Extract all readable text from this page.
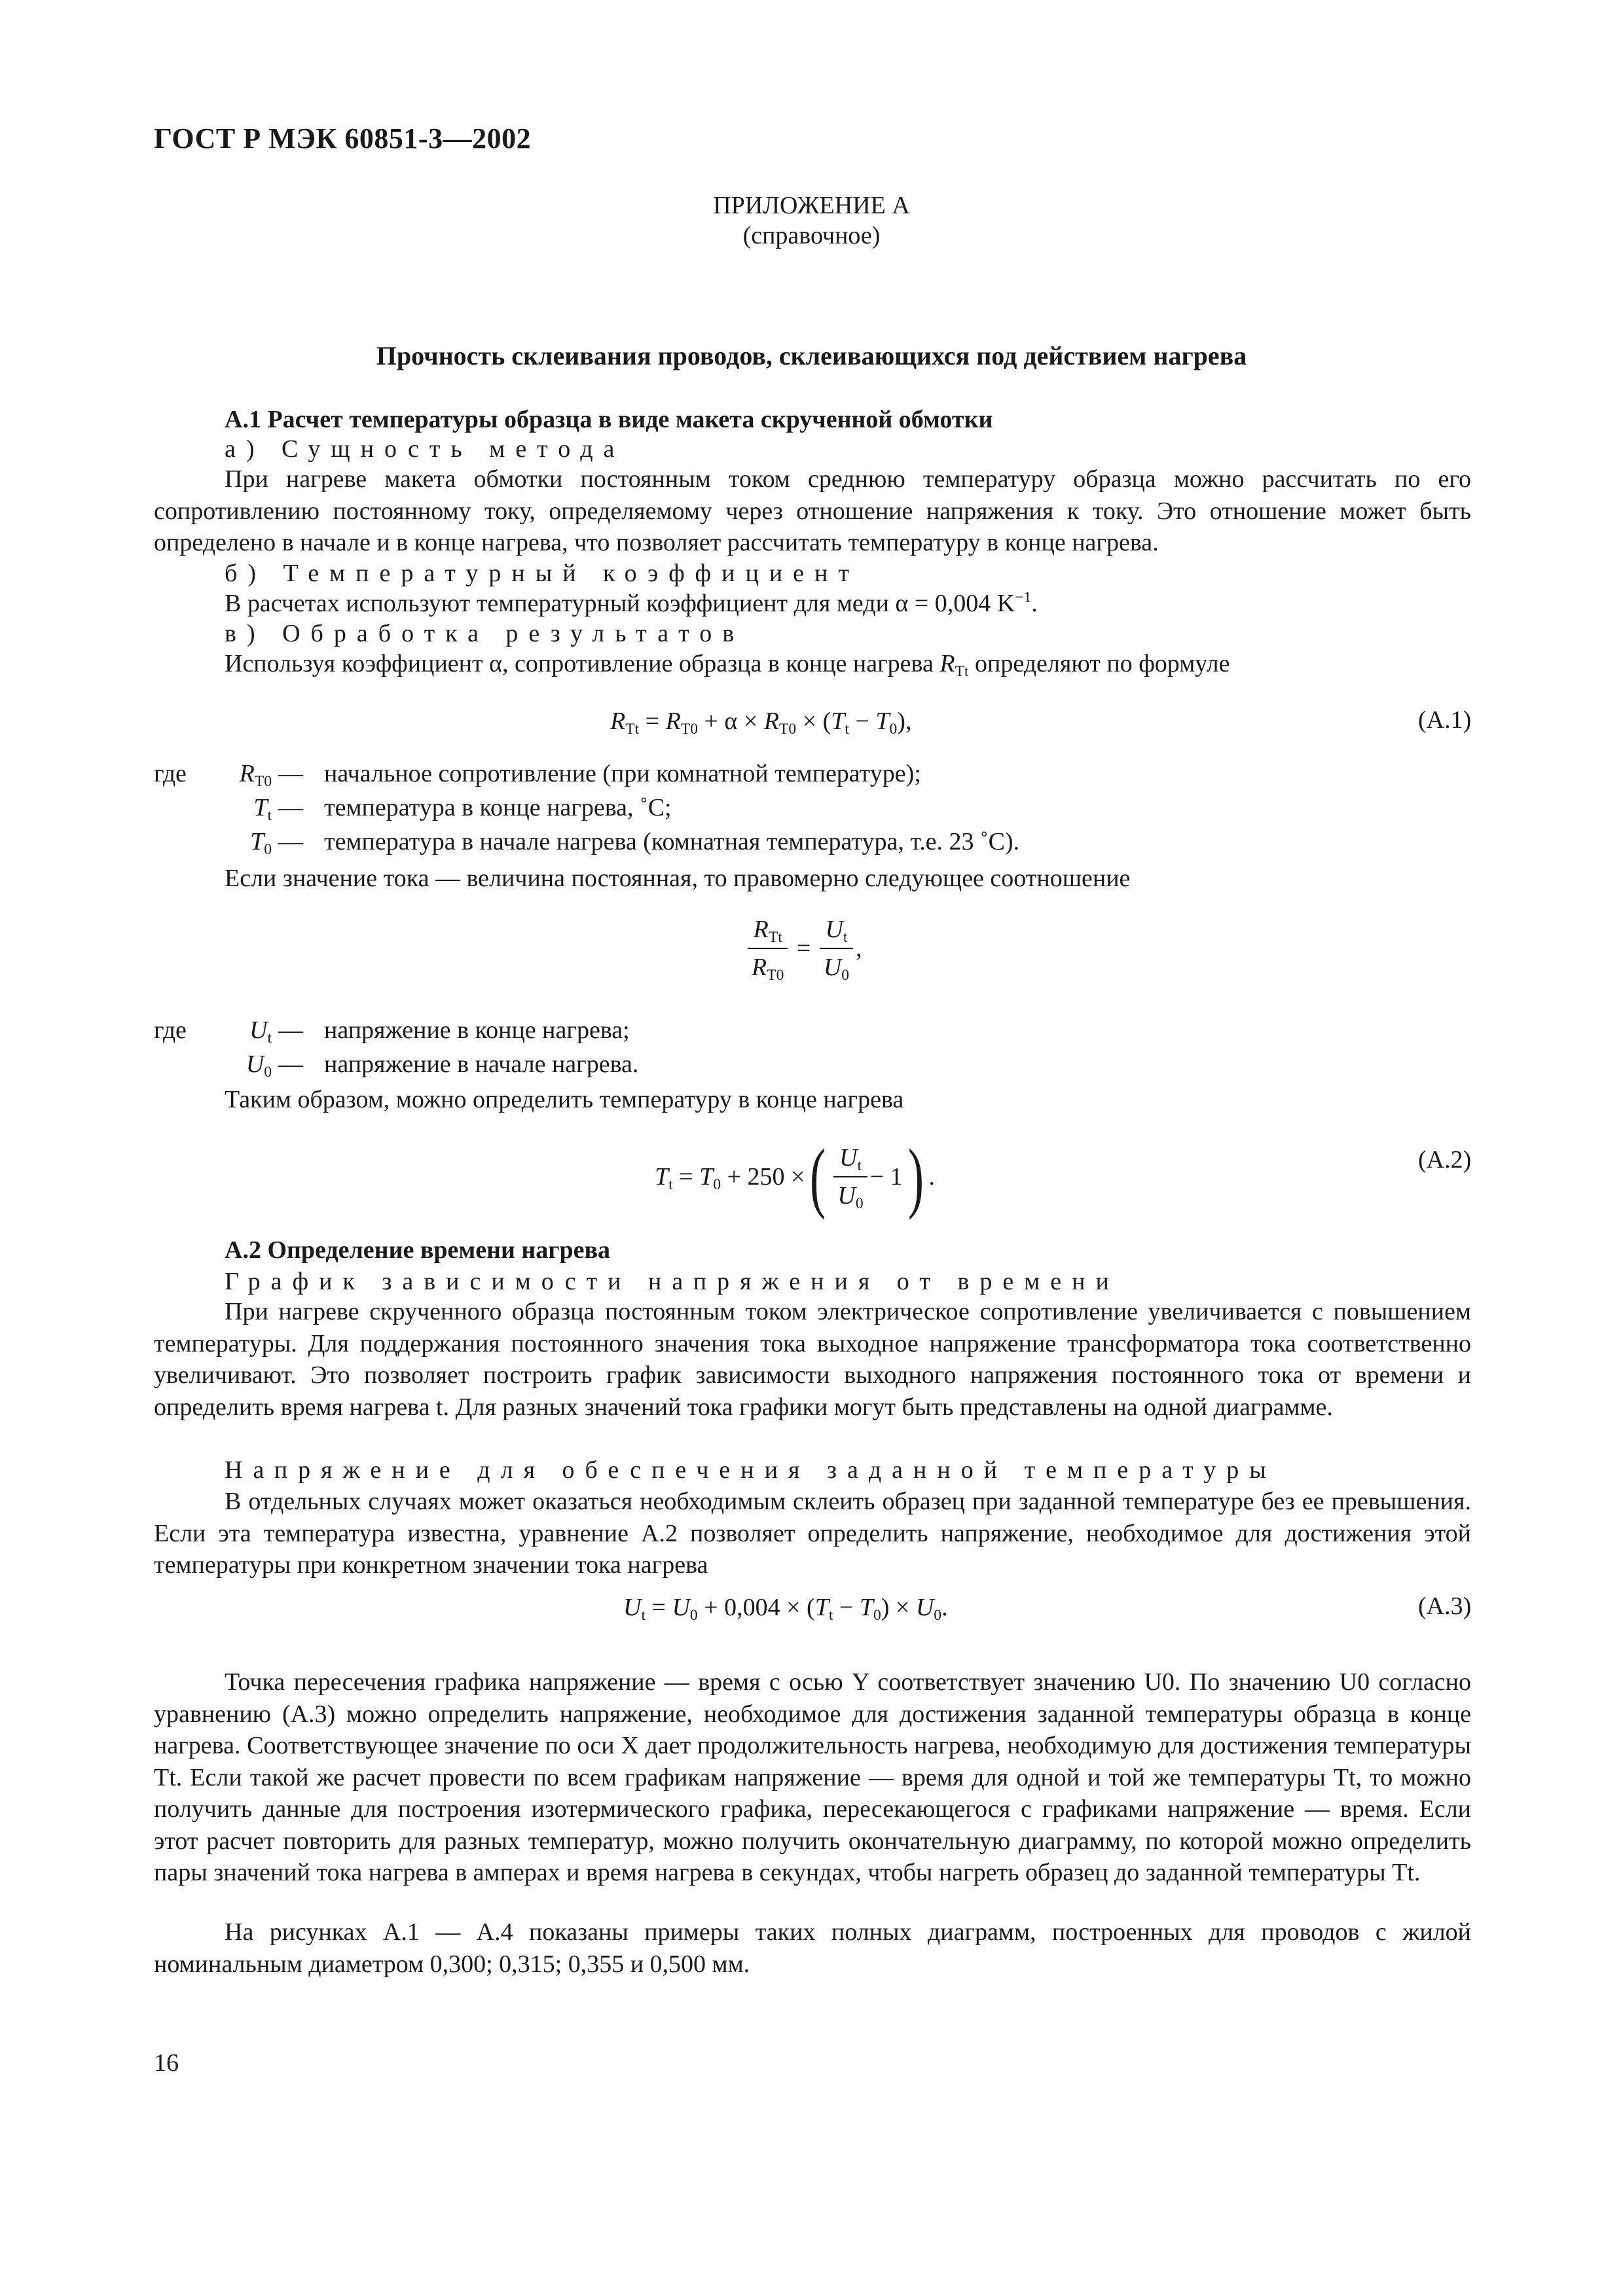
ГОСТ Р МЭК 60851-3—2002
ПРИЛОЖЕНИЕ А
(справочное)
Прочность склеивания проводов, склеивающихся под действием нагрева
А.1 Расчет температуры образца в виде макета скрученной обмотки
а) Сущность метода
При нагреве макета обмотки постоянным током среднюю температуру образца можно рассчитать по его сопротивлению постоянному току, определяемому через отношение напряжения к току. Это отношение может быть определено в начале и в конце нагрева, что позволяет рассчитать температуру в конце нагрева.
б) Температурный коэффициент
В расчетах используют температурный коэффициент для меди α = 0,004 $K^{-1}$.
в) Обработка результатов
Используя коэффициент α, сопротивление образца в конце нагрева $R_{Tt}$ определяют по формуле
$R_{Tt} = R_{T0} + \alpha \times R_{T0} \times (T_t - T_0)$,	(А.1)
где $R_{T0}$ — начальное сопротивление (при комнатной температуре);
$T_t$ — температура в конце нагрева, ˚С;
$T_0$ — температура в начале нагрева (комнатная температура, т.е. 23 ˚С).
Если значение тока — величина постоянная, то правомерно следующее соотношение
$\frac{R_{Tt}}{R_{T0}} = \frac{U_t}{U_0}$ ,
где	$U_t$ — напряжение в конце нагрева;
$U_0$ — напряжение в начале нагрева.
Таким образом, можно определить температуру в конце нагрева
$T_t = T_0 + 250$ × ( $\frac{U_t}{U_0} - 1$ ) .
(А.2)
А.2 Определение времени нагрева
График зависимости напряжения от времени
При нагреве скрученного образца постоянным током электрическое сопротивление увеличивается с повышением температуры. Для поддержания постоянного значения тока выходное напряжение трансформатора тока соответственно увеличивают. Это позволяет построить график зависимости выходного напряжения постоянного тока от времени и определить время нагрева t. Для разных значений тока графики могут быть представлены на одной диаграмме.
Напряжение для обеспечения заданной температуры
В отдельных случаях может оказаться необходимым склеить образец при заданной температуре без ее превышения. Если эта температура известна, уравнение А.2 позволяет определить напряжение, необходимое для достижения этой температуры при конкретном значении тока нагрева
$U_t = U_0 + 0,004 \times (T_t - T_0) \times U_0$.	(А.3)
Точка пересечения графика напряжение — время с осью Y соответствует значению U0. По значению U0 согласно уравнению (А.3) можно определить напряжение, необходимое для достижения заданной температуры образца в конце нагрева. Соответствующее значение по оси X дает продолжительность нагрева, необходимую для достижения температуры Tt. Если такой же расчет провести по всем графикам напряжение — время для одной и той же температуры Tt, то можно получить данные для построения изотермического графика, пересекающегося с графиками напряжение — время. Если этот расчет повторить для разных температур, можно получить окончательную диаграмму, по которой можно определить пары значений тока нагрева в амперах и время нагрева в секундах, чтобы нагреть образец до заданной температуры Tt.
На рисунках А.1 — А.4 показаны примеры таких полных диаграмм, построенных для проводов с жилой номинальным диаметром 0,300; 0,315; 0,355 и 0,500 мм.
16
